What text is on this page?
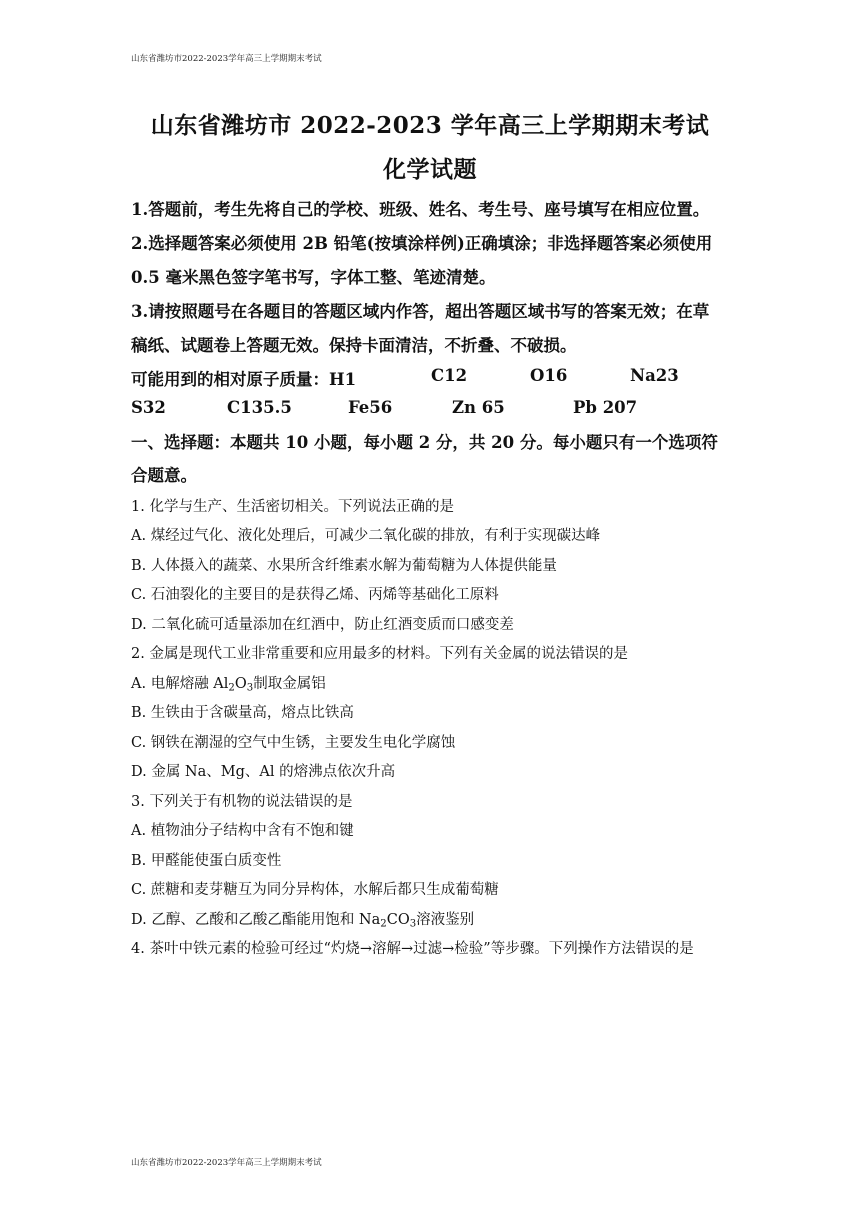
山东省潍坊市2022-2023学年高三上学期期末考试
山东省潍坊市 2022-2023 学年高三上学期期末考试
化学试题
1.答题前，考生先将自己的学校、班级、姓名、考生号、座号填写在相应位置。
2.选择题答案必须使用 2B 铅笔(按填涂样例)正确填涂；非选择题答案必须使用
0.5 毫米黑色签字笔书写，字体工整、笔迹清楚。
3.请按照题号在各题目的答题区域内作答，超出答题区域书写的答案无效；在草
稿纸、试题卷上答题无效。保持卡面清洁，不折叠、不破损。
可能用到的相对原子质量：H1	C12	O16	Na23
S32	C135.5	Fe56	Zn 65	Pb 207
一、选择题：本题共 10 小题，每小题 2 分，共 20 分。每小题只有一个选项符
合题意。
1. 化学与生产、生活密切相关。下列说法正确的是
A. 煤经过气化、液化处理后，可减少二氧化碳的排放，有利于实现碳达峰
B. 人体摄入的蔬菜、水果所含纤维素水解为葡萄糖为人体提供能量
C. 石油裂化的主要目的是获得乙烯、丙烯等基础化工原料
D. 二氧化硫可适量添加在红酒中，防止红酒变质而口感变差
2. 金属是现代工业非常重要和应用最多的材料。下列有关金属的说法错误的是
A. 电解熔融 $Al_2O_3$制取金属铝
B. 生铁由于含碳量高，熔点比铁高
C. 钢铁在潮湿的空气中生锈，主要发生电化学腐蚀
D. 金属 Na、Mg、Al 的熔沸点依次升高
3. 下列关于有机物的说法错误的是
A. 植物油分子结构中含有不饱和键
B. 甲醛能使蛋白质变性
C. 蔗糖和麦芽糖互为同分异构体，水解后都只生成葡萄糖
D. 乙醇、乙酸和乙酸乙酯能用饱和 $Na_2CO_3$溶液鉴别
4. 茶叶中铁元素的检验可经过“灼烧→溶解→过滤→检验”等步骤。下列操作方法错误的是
山东省潍坊市2022-2023学年高三上学期期末考试
